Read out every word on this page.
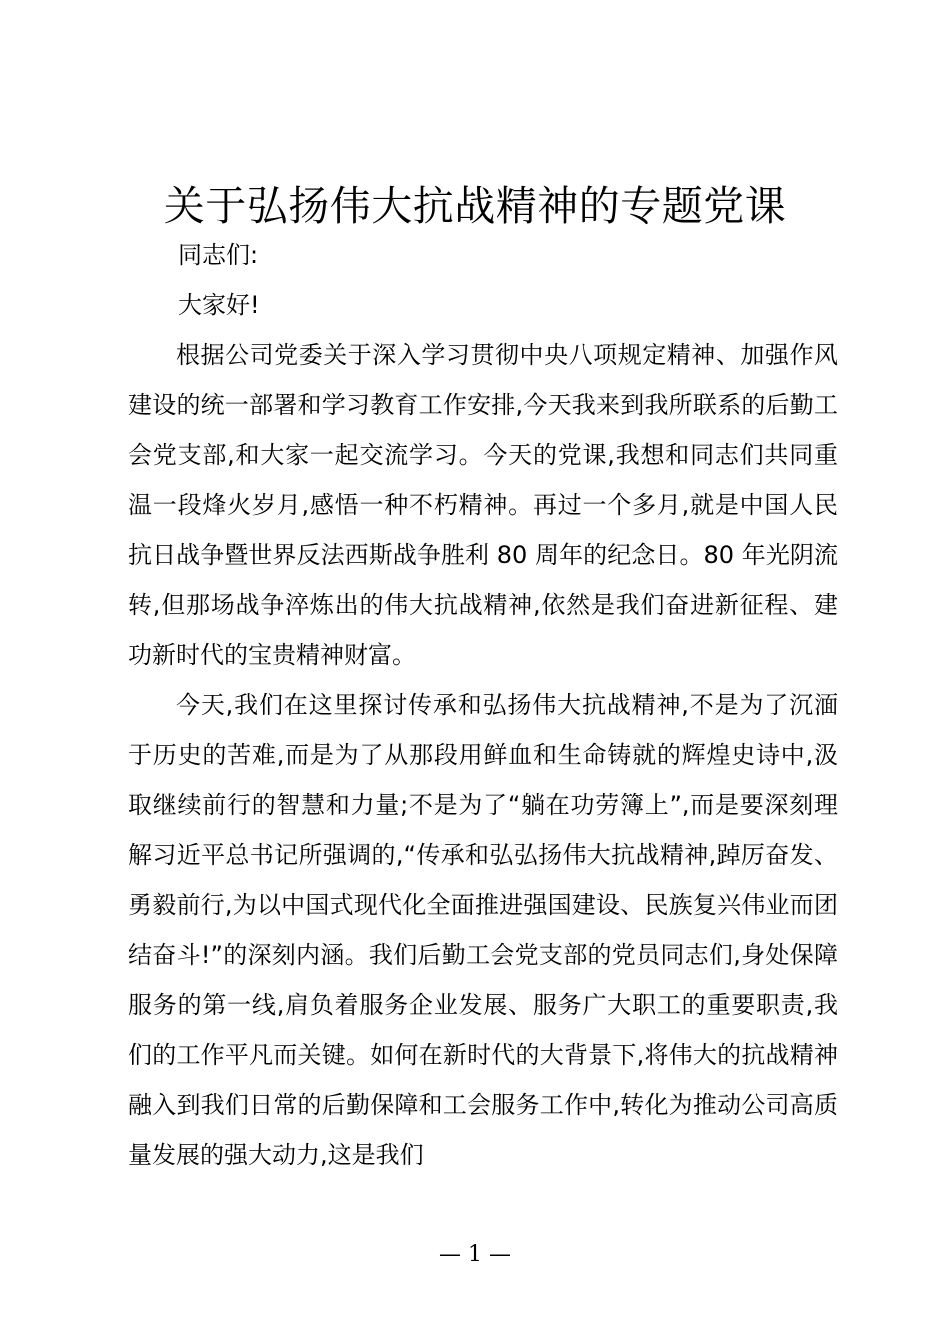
关于弘扬伟大抗战精神的专题党课

同志们:

大家好!

根据公司党委关于深入学习贯彻中央八项规定精神、加强作风建设的统一部署和学习教育工作安排,今天我来到我所联系的后勤工会党支部,和大家一起交流学习。今天的党课,我想和同志们共同重温一段烽火岁月,感悟一种不朽精神。再过一个多月,就是中国人民抗日战争暨世界反法西斯战争胜利 80 周年的纪念日。80 年光阴流转,但那场战争淬炼出的伟大抗战精神,依然是我们奋进新征程、建功新时代的宝贵精神财富。

今天,我们在这里探讨传承和弘扬伟大抗战精神,不是为了沉湎于历史的苦难,而是为了从那段用鲜血和生命铸就的辉煌史诗中,汲取继续前行的智慧和力量;不是为了“躺在功劳簿上”,而是要深刻理解习近平总书记所强调的,“传承和弘弘扬伟大抗战精神,踔厉奋发、勇毅前行,为以中国式现代化全面推进强国建设、民族复兴伟业而团结奋斗!”的深刻内涵。我们后勤工会党支部的党员同志们,身处保障服务的第一线,肩负着服务企业发展、服务广大职工的重要职责,我们的工作平凡而关键。如何在新时代的大背景下,将伟大的抗战精神融入到我们日常的后勤保障和工会服务工作中,转化为推动公司高质量发展的强大动力,这是我们

— 1 —
